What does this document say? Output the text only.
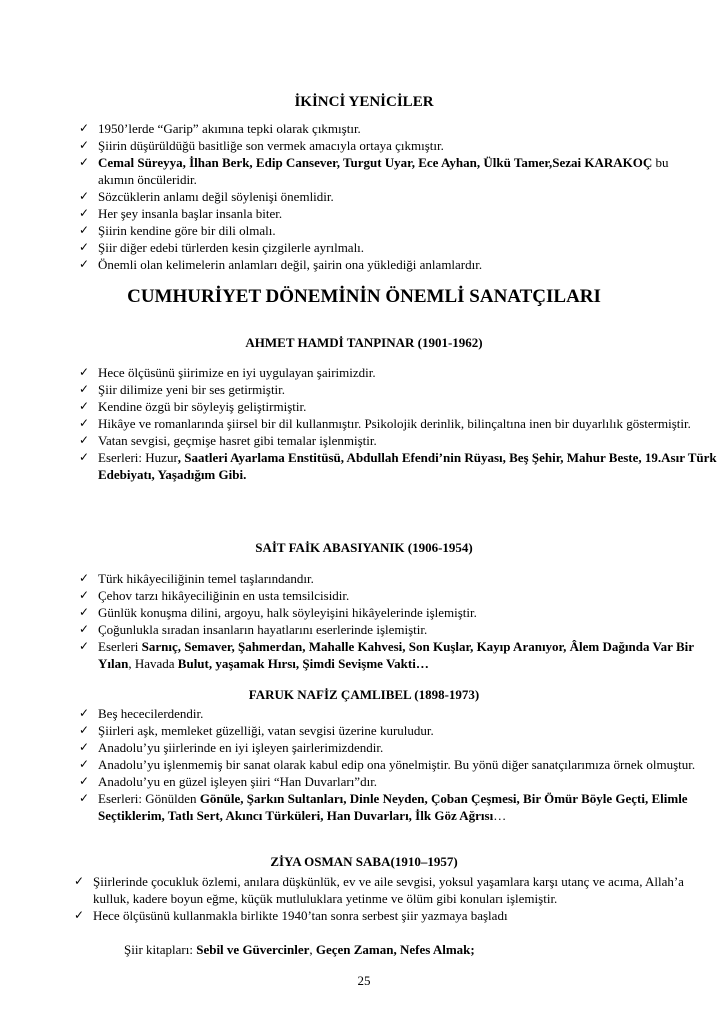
İKİNCİ YENİCİLER
✓ 1950’lerde “Garip” akımına tepki olarak çıkmıştır.
✓ Şiirin düşürüldüğü basitliğe son vermek amacıyla ortaya çıkmıştır.
✓ Cemal Süreyya, İlhan Berk, Edip Cansever, Turgut Uyar, Ece Ayhan, Ülkü Tamer,Sezai KARAKOÇ bu akımın öncüleridir.
✓ Sözcüklerin anlamı değil söylenişi önemlidir.
✓ Her şey insanla başlar insanla biter.
✓ Şiirin kendine göre bir dili olmalı.
✓ Şiir diğer edebi türlerden kesin çizgilerle ayrılmalı.
✓ Önemli olan kelimelerin anlamları değil, şairin ona yüklediği anlamlardır.
CUMHURİYET DÖNEMİNİN ÖNEMLİ SANATÇILARI
AHMET HAMDİ TANPINAR (1901-1962)
✓ Hece ölçüsünü şiirimize en iyi uygulayan şairimizdir.
✓ Şiir dilimize yeni bir ses getirmiştir.
✓ Kendine özgü bir söyleyiş geliştirmiştir.
✓ Hikâye ve romanlarında şiirsel bir dil kullanmıştır. Psikolojik derinlik, bilinçaltına inen bir duyarlılık göstermiştir.
✓ Vatan sevgisi, geçmişe hasret gibi temalar işlenmiştir.
✓ Eserleri: Huzur, Saatleri Ayarlama Enstitüsü, Abdullah Efendi’nin Rüyası, Beş Şehir, Mahur Beste, 19.Asır Türk Edebiyatı, Yaşadığım Gibi.
SAİT FAİK ABASIYANIK (1906-1954)
✓ Türk hikâyeciliğinin temel taşlarındandır.
✓ Çehov tarzı hikâyeciliğinin en usta temsilcisidir.
✓ Günlük konuşma dilini, argoyu, halk söyleyişini hikâyelerinde işlemiştir.
✓ Çoğunlukla sıradan insanların hayatlarını eserlerinde işlemiştir.
✓ Eserleri Sarnıç, Semaver, Şahmerdan, Mahalle Kahvesi, Son Kuşlar, Kayıp Aranıyor, Âlem Dağında Var Bir Yılan, Havada Bulut, yaşamak Hırsı, Şimdi Sevişme Vakti…
FARUK NAFİZ ÇAMLIBEL (1898-1973)
✓ Beş hececilerdendir.
✓ Şiirleri aşk, memleket güzelliği, vatan sevgisi üzerine kuruludur.
✓ Anadolu’yu şiirlerinde en iyi işleyen şairlerimizdendir.
✓ Anadolu’yu işlenmemiş bir sanat olarak kabul edip ona yönelmiştir. Bu yönü diğer sanatçılarımıza örnek olmuştur.
✓ Anadolu’yu en güzel işleyen şiiri “Han Duvarları”dır.
✓ Eserleri: Gönülden Gönüle, Şarkın Sultanları, Dinle Neyden, Çoban Çeşmesi, Bir Ömür Böyle Geçti, Elimle Seçtiklerim, Tatlı Sert, Akıncı Türküleri, Han Duvarları, İlk Göz Ağrısı…
ZİYA OSMAN SABA(1910–1957)
✓ Şiirlerinde çocukluk özlemi, anılara düşkünlük, ev ve aile sevgisi, yoksul yaşamlara karşı utanç ve acıma, Allah’a kulluk, kadere boyun eğme, küçük mutluluklara yetinme ve ölüm gibi konuları işlemiştir.
✓ Hece ölçüsünü kullanmakla birlikte 1940’tan sonra serbest şiir yazmaya başladı
Şiir kitapları: Sebil ve Güvercinler, Geçen Zaman, Nefes Almak;
25
